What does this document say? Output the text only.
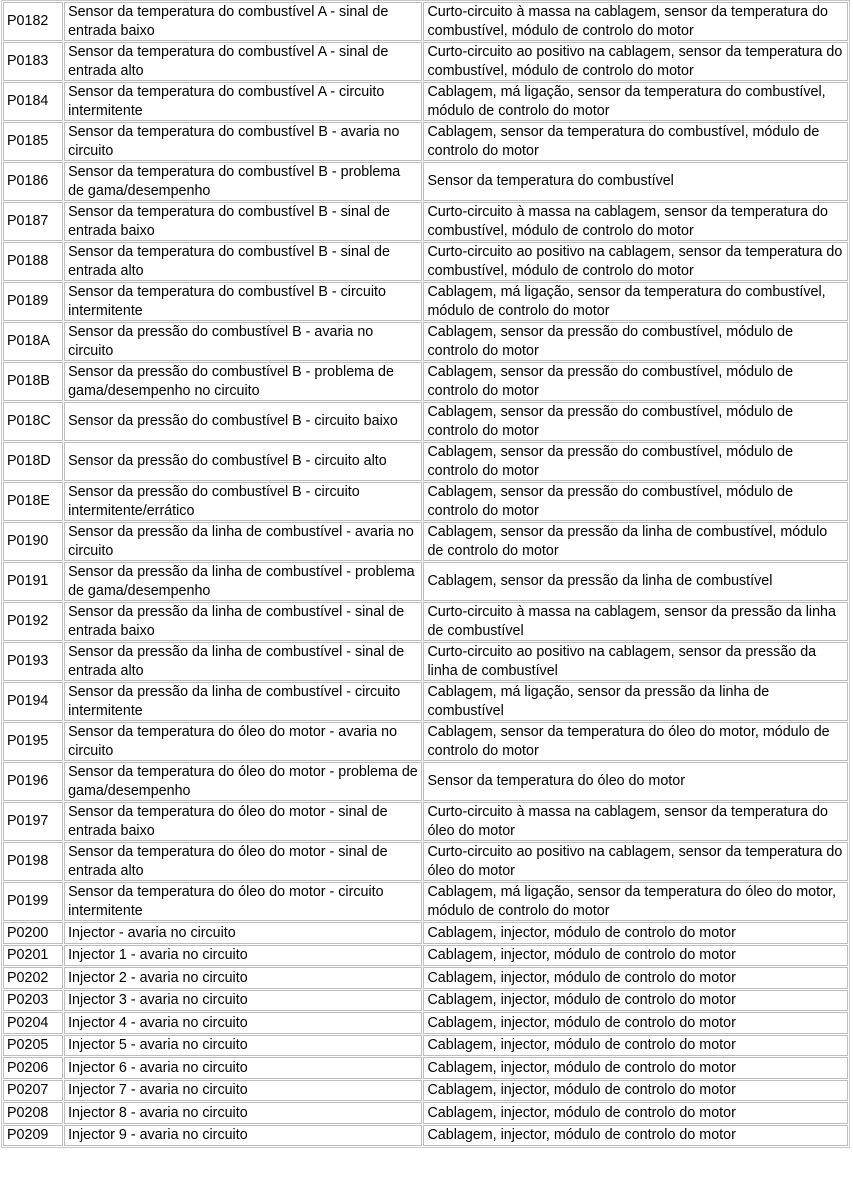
P0182	Sensor da temperatura do combustível A - sinal de entrada baixo	Curto-circuito à massa na cablagem, sensor da temperatura do combustível, módulo de controlo do motor
P0183	Sensor da temperatura do combustível A - sinal de entrada alto	Curto-circuito ao positivo na cablagem, sensor da temperatura do combustível, módulo de controlo do motor
P0184	Sensor da temperatura do combustível A - circuito intermitente	Cablagem, má ligação, sensor da temperatura do combustível, módulo de controlo do motor
P0185	Sensor da temperatura do combustível B - avaria no circuito	Cablagem, sensor da temperatura do combustível, módulo de controlo do motor
P0186	Sensor da temperatura do combustível B - problema de gama/desempenho	Sensor da temperatura do combustível
P0187	Sensor da temperatura do combustível B - sinal de entrada baixo	Curto-circuito à massa na cablagem, sensor da temperatura do combustível, módulo de controlo do motor
P0188	Sensor da temperatura do combustível B - sinal de entrada alto	Curto-circuito ao positivo na cablagem, sensor da temperatura do combustível, módulo de controlo do motor
P0189	Sensor da temperatura do combustível B - circuito intermitente	Cablagem, má ligação, sensor da temperatura do combustível, módulo de controlo do motor
P018A	Sensor da pressão do combustível B - avaria no circuito	Cablagem, sensor da pressão do combustível, módulo de controlo do motor
P018B	Sensor da pressão do combustível B - problema de gama/desempenho no circuito	Cablagem, sensor da pressão do combustível, módulo de controlo do motor
P018C	Sensor da pressão do combustível B - circuito baixo	Cablagem, sensor da pressão do combustível, módulo de controlo do motor
P018D	Sensor da pressão do combustível B - circuito alto	Cablagem, sensor da pressão do combustível, módulo de controlo do motor
P018E	Sensor da pressão do combustível B - circuito intermitente/errático	Cablagem, sensor da pressão do combustível, módulo de controlo do motor
P0190	Sensor da pressão da linha de combustível - avaria no circuito	Cablagem, sensor da pressão da linha de combustível, módulo de controlo do motor
P0191	Sensor da pressão da linha de combustível - problema de gama/desempenho	Cablagem, sensor da pressão da linha de combustível
P0192	Sensor da pressão da linha de combustível - sinal de entrada baixo	Curto-circuito à massa na cablagem, sensor da pressão da linha de combustível
P0193	Sensor da pressão da linha de combustível - sinal de entrada alto	Curto-circuito ao positivo na cablagem, sensor da pressão da linha de combustível
P0194	Sensor da pressão da linha de combustível - circuito intermitente	Cablagem, má ligação, sensor da pressão da linha de combustível
P0195	Sensor da temperatura do óleo do motor - avaria no circuito	Cablagem, sensor da temperatura do óleo do motor, módulo de controlo do motor
P0196	Sensor da temperatura do óleo do motor - problema de gama/desempenho	Sensor da temperatura do óleo do motor
P0197	Sensor da temperatura do óleo do motor - sinal de entrada baixo	Curto-circuito à massa na cablagem, sensor da temperatura do óleo do motor
P0198	Sensor da temperatura do óleo do motor - sinal de entrada alto	Curto-circuito ao positivo na cablagem, sensor da temperatura do óleo do motor
P0199	Sensor da temperatura do óleo do motor - circuito intermitente	Cablagem, má ligação, sensor da temperatura do óleo do motor, módulo de controlo do motor
P0200	Injector - avaria no circuito	Cablagem, injector, módulo de controlo do motor
P0201	Injector 1 - avaria no circuito	Cablagem, injector, módulo de controlo do motor
P0202	Injector 2 - avaria no circuito	Cablagem, injector, módulo de controlo do motor
P0203	Injector 3 - avaria no circuito	Cablagem, injector, módulo de controlo do motor
P0204	Injector 4 - avaria no circuito	Cablagem, injector, módulo de controlo do motor
P0205	Injector 5 - avaria no circuito	Cablagem, injector, módulo de controlo do motor
P0206	Injector 6 - avaria no circuito	Cablagem, injector, módulo de controlo do motor
P0207	Injector 7 - avaria no circuito	Cablagem, injector, módulo de controlo do motor
P0208	Injector 8 - avaria no circuito	Cablagem, injector, módulo de controlo do motor
P0209	Injector 9 - avaria no circuito	Cablagem, injector, módulo de controlo do motor
